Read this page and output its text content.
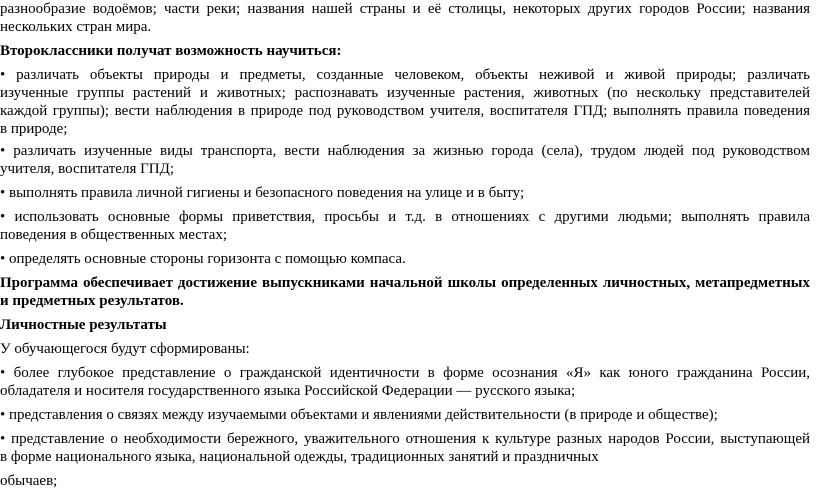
разнообразие водоёмов; части реки; названия нашей страны и её столицы, некоторых других городов России; названия
нескольких стран мира.
Второклассники получат возможность научиться:
• различать объекты природы и предметы, созданные человеком, объекты неживой и живой природы; различать
изученные группы растений и животных; распознавать изученные растения, животных (по нескольку представителей
каждой группы); вести наблюдения в природе под руководством учителя, воспитателя ГПД; выполнять правила поведения
в природе;
• различать изученные виды транспорта, вести наблюдения за жизнью города (села), трудом людей под руководством
учителя, воспитателя ГПД;
• выполнять правила личной гигиены и безопасного поведения на улице и в быту;
• использовать основные формы приветствия, просьбы и т.д. в отношениях с другими людьми; выполнять правила
поведения в общественных местах;
• определять основные стороны горизонта с помощью компаса.
Программа обеспечивает достижение выпускниками начальной школы определенных личностных, метапредметных
и предметных результатов.
Личностные результаты
У обучающегося будут сформированы:
• более глубокое представление о гражданской идентичности в форме осознания «Я» как юного гражданина России,
обладателя и носителя государственного языка Российской Федерации — русского языка;
• представления о связях между изучаемыми объектами и явлениями действительности (в природе и обществе);
• представление о необходимости бережного, уважительного отношения к культуре разных народов России, выступающей
в форме национального языка, национальной одежды, традиционных занятий и праздничных
обычаев;
